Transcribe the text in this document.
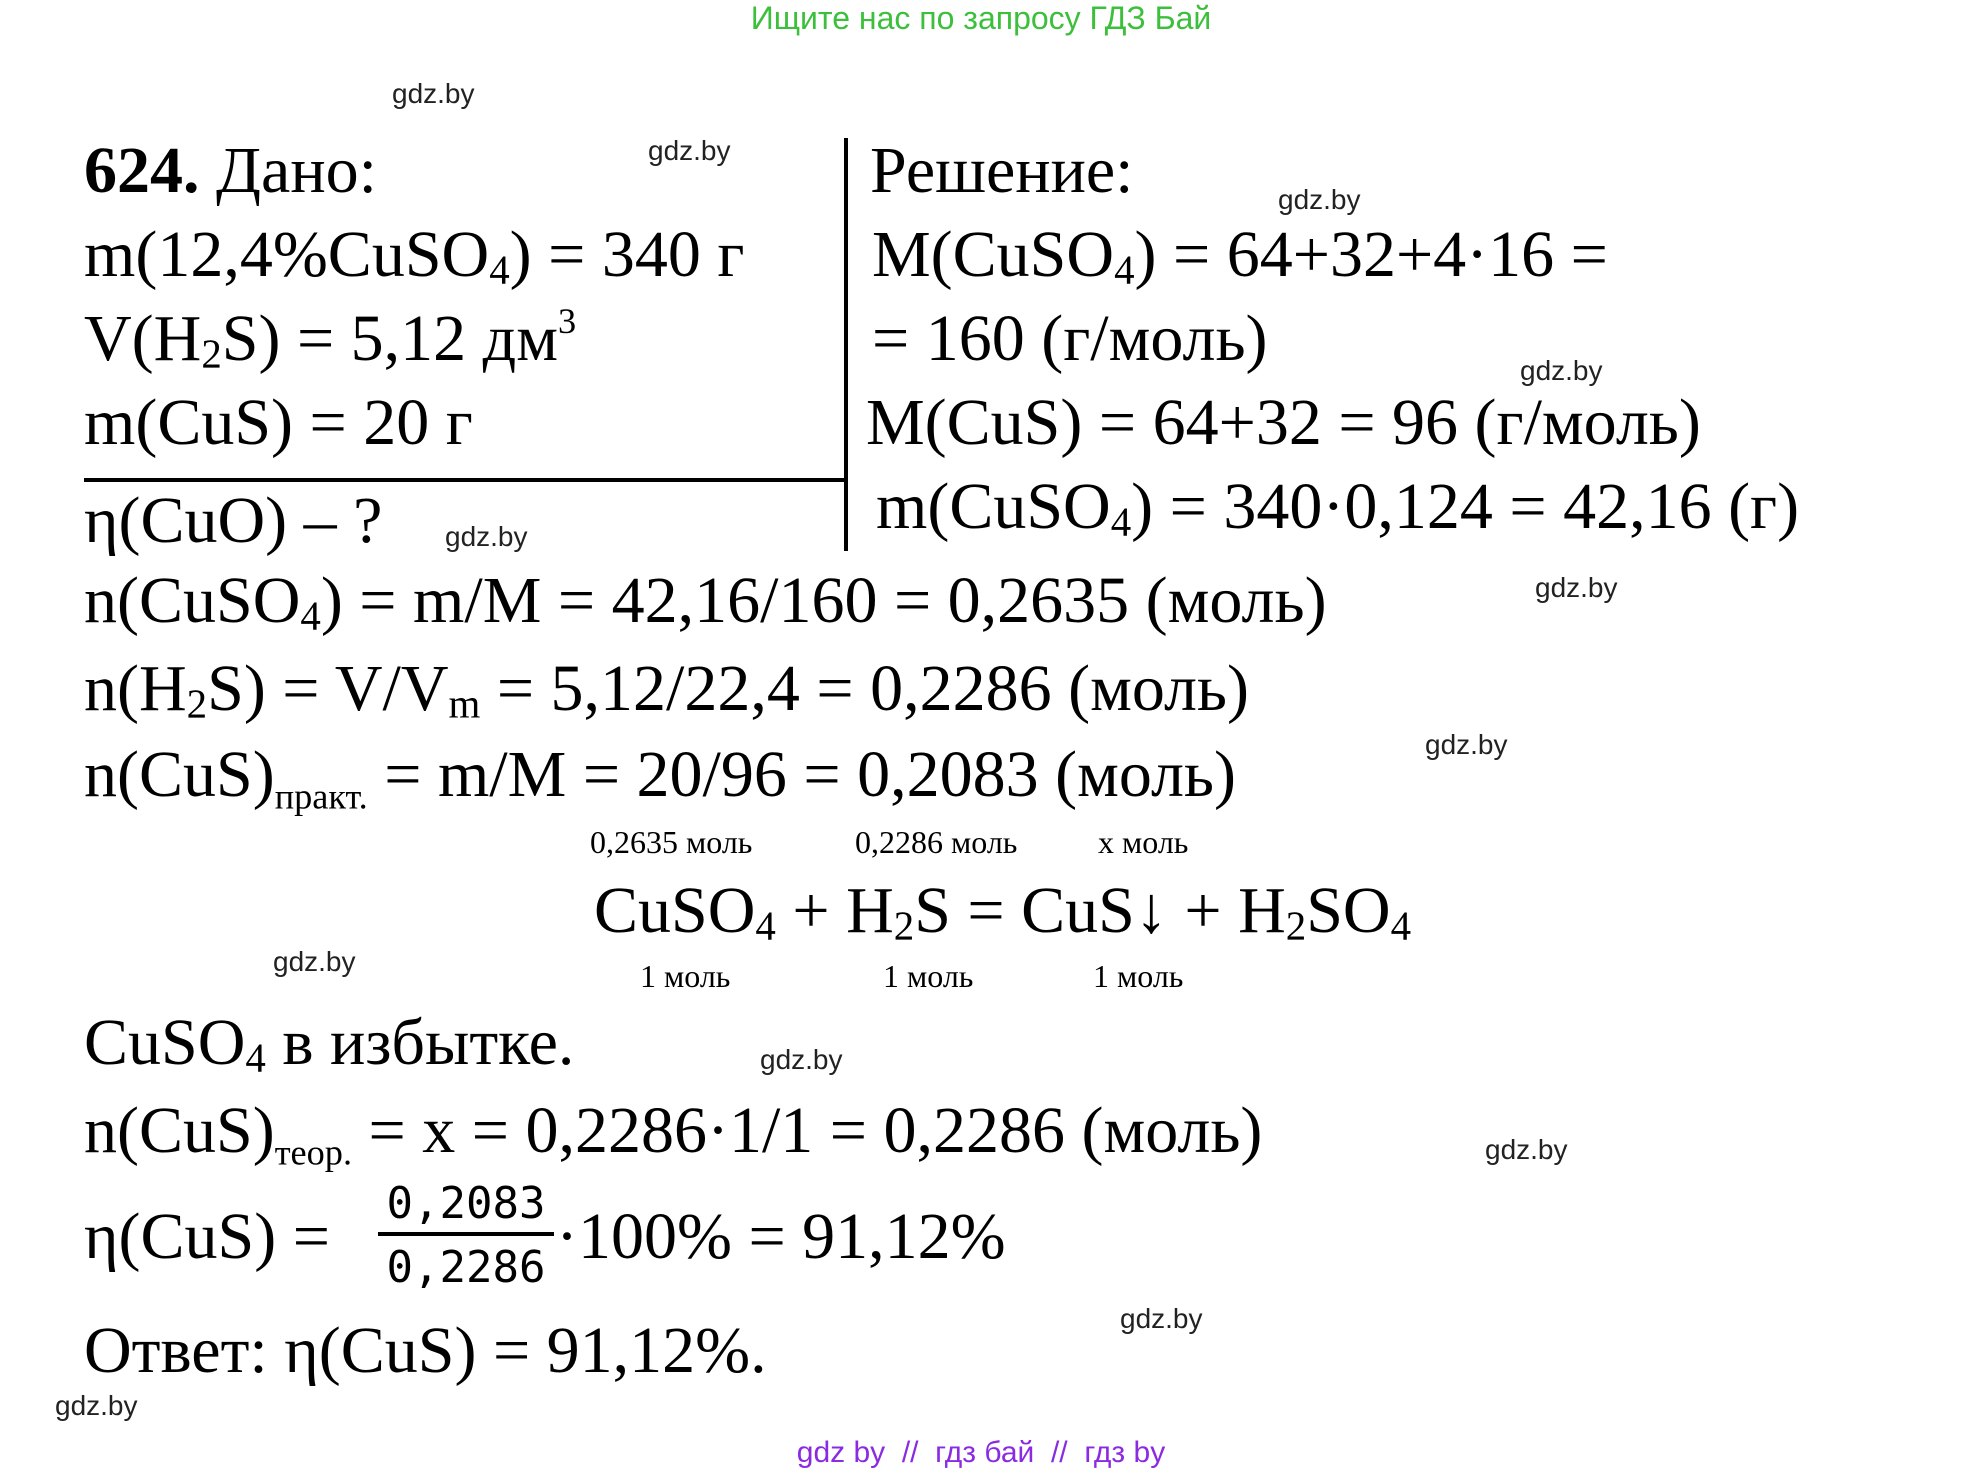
Ищите нас по запросу ГДЗ Бай
gdz.by
gdz.by
gdz.by
gdz.by
gdz.by
gdz.by
gdz.by
gdz.by
gdz.by
gdz.by
gdz.by
gdz.by
624. Дано:
m(12,4%CuSO$_4$) = 340 г
$V(H_2S) = 5,12$ $дм^3$
m(CuS) = 20 г
η(CuO) – ?
Решение:
M(CuSO$_4$) = 64+32+4·16 =
= 160 (г/моль)
M(CuS) = 64+32 = 96 (г/моль)
m(CuSO$_4$) = 340·0,124 = 42,16 (г)
n(CuSO$_4$) = m/M = 42,16/160 = 0,2635 (моль)
$n(H_2S) = V/V_m = 5,12/22,4 = 0,2286$ (моль)
n(CuS)практ. = m/M = 20/96 = 0,2083 (моль)
0,2635 моль	0,2286 моль	x моль
CuSO$_4$ + $H_2S$ = CuS↓ + $H_2SO_4$
1 моль	1 моль	1 моль
CuSO$_4$ в избытке.
n(CuS)теор. = x = 0,2286·1/1 = 0,2286 (моль)
$\eta(CuS) = \frac{0,2083}{0,2286} \cdot 100\% = 91,12\%$
Ответ: η(CuS) = 91,12%.
gdz by  //  гдз бай  //  гдз by
